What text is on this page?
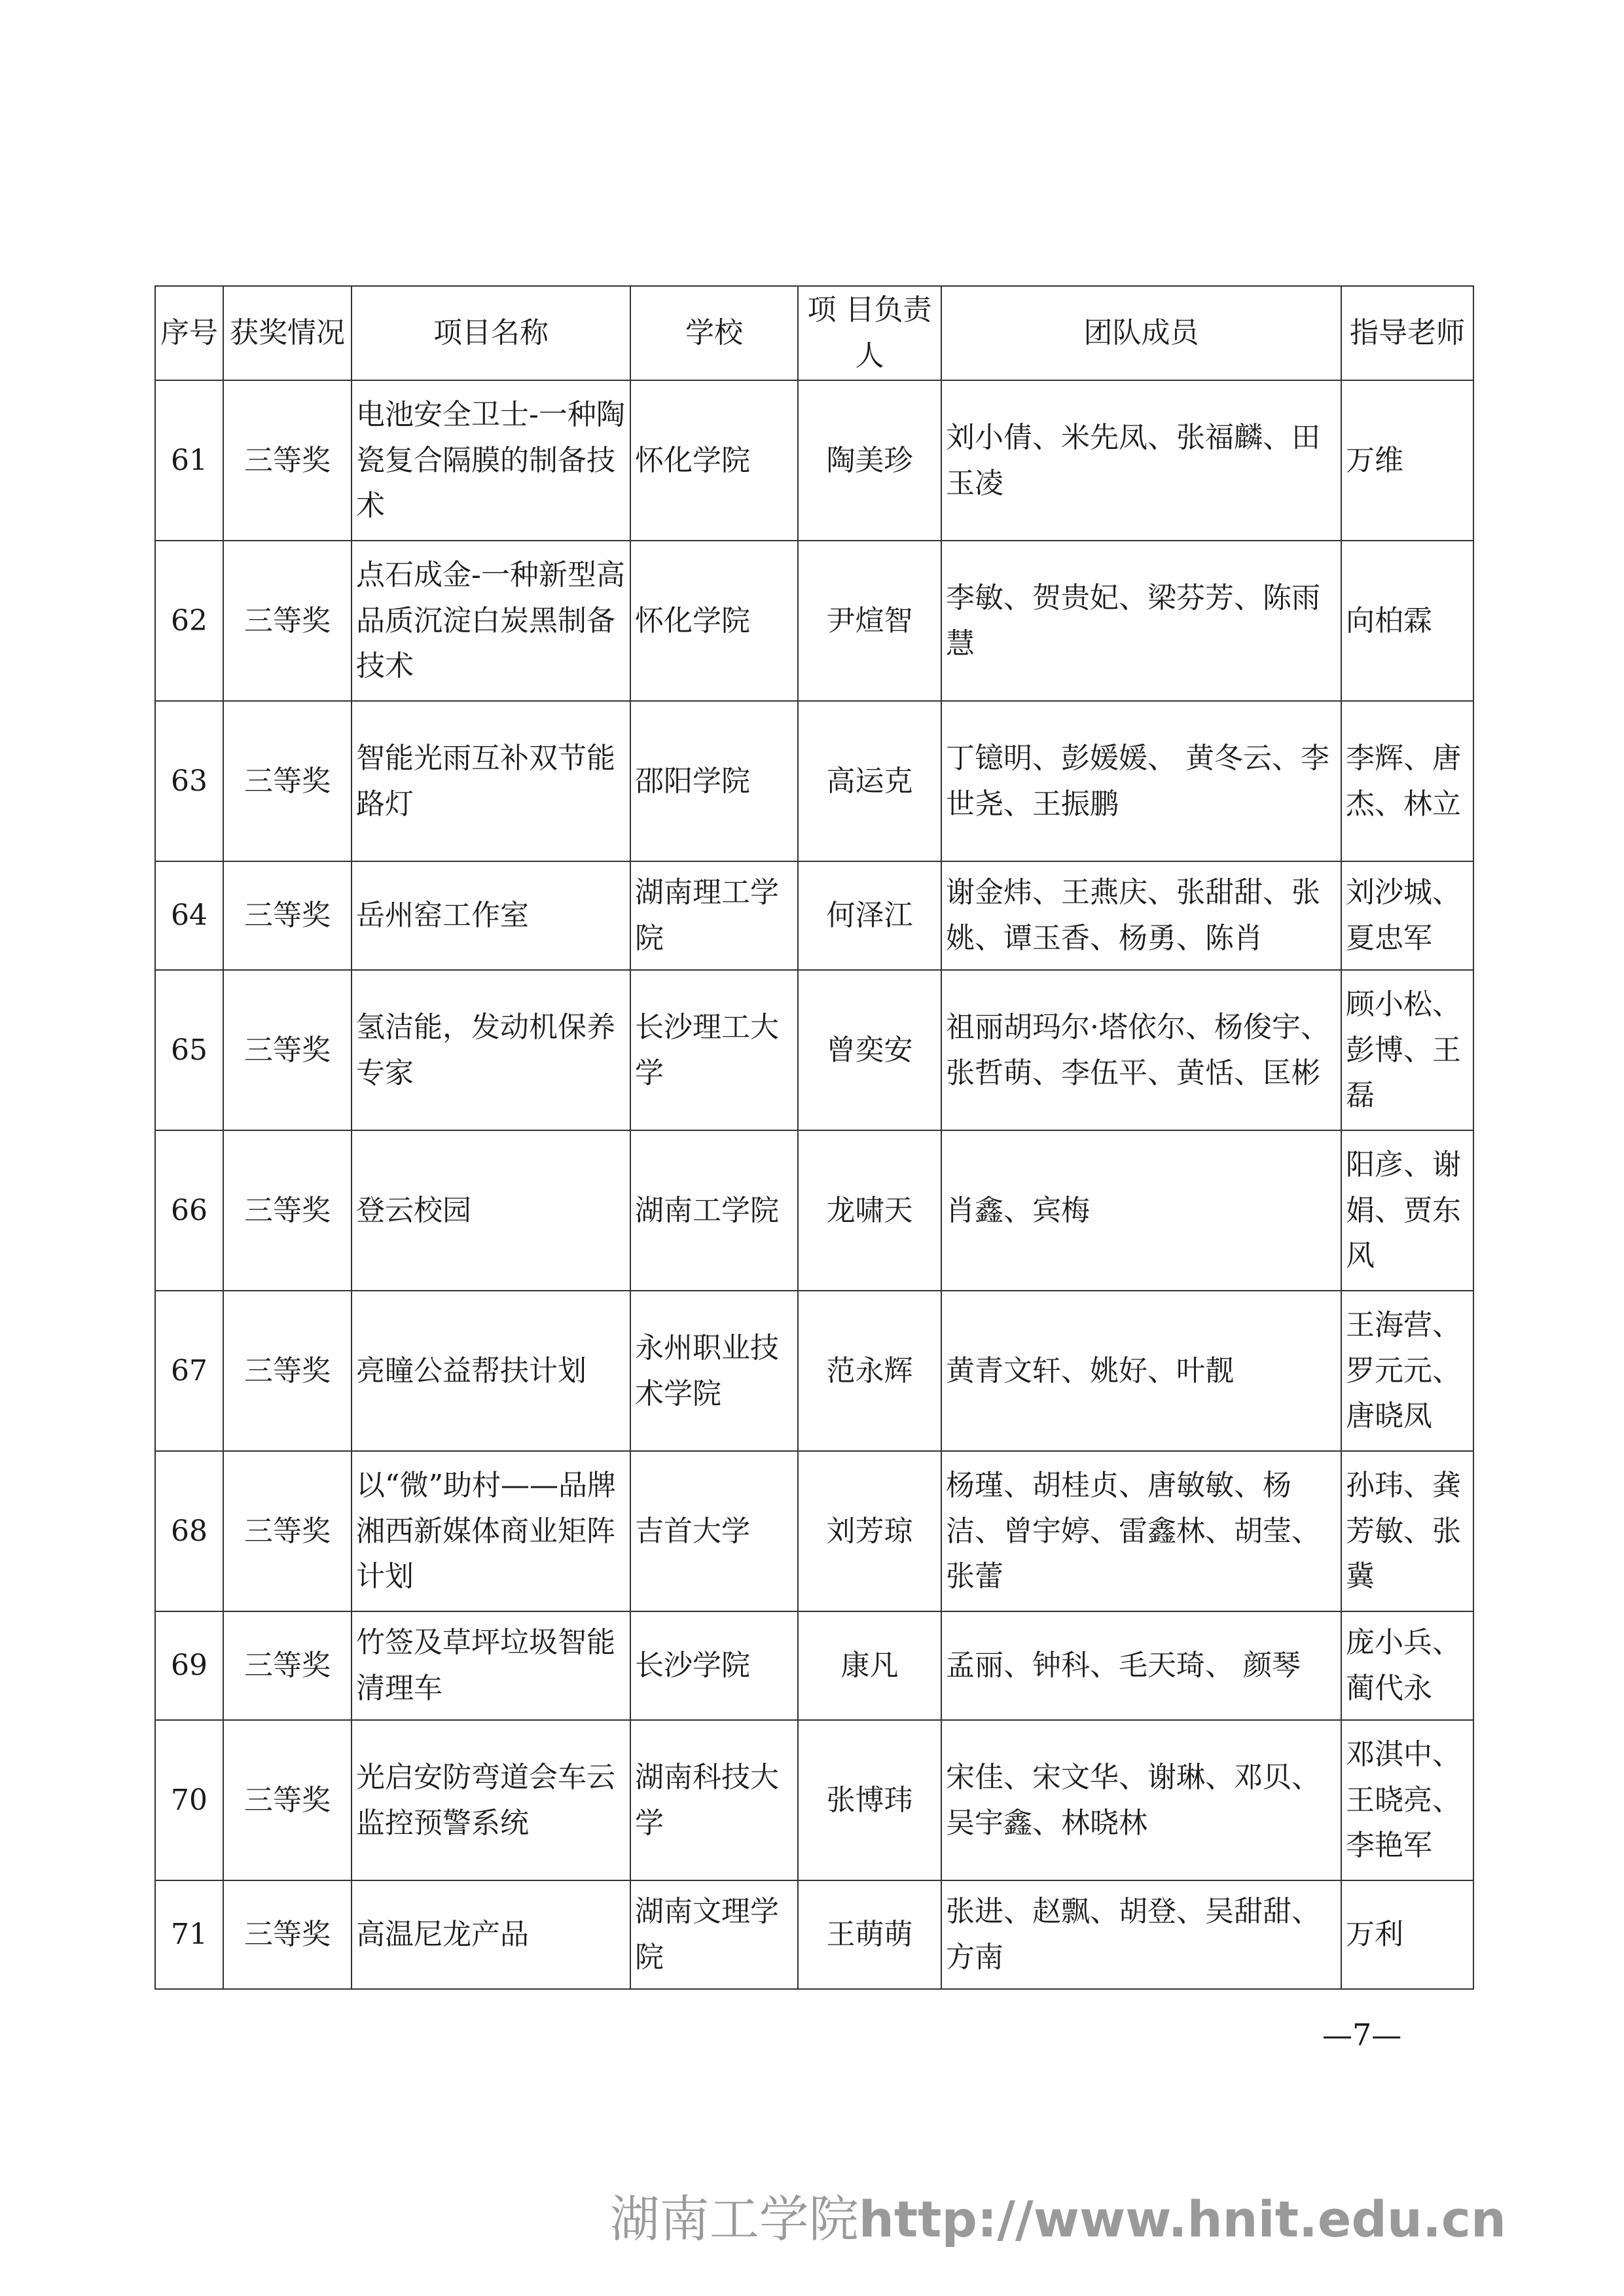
序号	获奖情况	项目名称	学校	项 目负责人	团队成员	指导老师
61	三等奖	电池安全卫士-一种陶瓷复合隔膜的制备技术	怀化学院	陶美珍	刘小倩、米先凤、张福麟、田玉凌	万维
62	三等奖	点石成金-一种新型高品质沉淀白炭黑制备技术	怀化学院	尹煊智	李敏、贺贵妃、梁芬芳、陈雨慧	向柏霖
63	三等奖	智能光雨互补双节能路灯	邵阳学院	高运克	丁镱明、彭媛媛、 黄冬云、李世尧、王振鹏	李辉、唐杰、林立
64	三等奖	岳州窑工作室	湖南理工学院	何泽江	谢金炜、王燕庆、张甜甜、张姚、谭玉香、杨勇、陈肖	刘沙城、夏忠军
65	三等奖	氢洁能，发动机保养专家	长沙理工大学	曾奕安	祖丽胡玛尔·塔依尔、杨俊宇、张哲萌、李伍平、黄恬、匡彬	顾小松、彭博、王磊
66	三等奖	登云校园	湖南工学院	龙啸天	肖鑫、宾梅	阳彦、谢娟、贾东风
67	三等奖	亮瞳公益帮扶计划	永州职业技术学院	范永辉	黄青文轩、姚好、叶靓	王海营、罗元元、唐晓凤
68	三等奖	以“微”助村——品牌湘西新媒体商业矩阵计划	吉首大学	刘芳琼	杨瑾、胡桂贞、唐敏敏、杨洁、曾宇婷、雷鑫林、胡莹、张蕾	孙玮、龚芳敏、张冀
69	三等奖	竹签及草坪垃圾智能清理车	长沙学院	康凡	孟丽、钟科、毛天琦、 颜琴	庞小兵、蔺代永
70	三等奖	光启安防弯道会车云监控预警系统	湖南科技大学	张博玮	宋佳、宋文华、谢琳、邓贝、吴宇鑫、林晓林	邓淇中、王晓亮、李艳军
71	三等奖	高温尼龙产品	湖南文理学院	王萌萌	张进、赵飘、胡登、吴甜甜、方南	万利
—7—
湖南工学院http://www.hnit.edu.cn
